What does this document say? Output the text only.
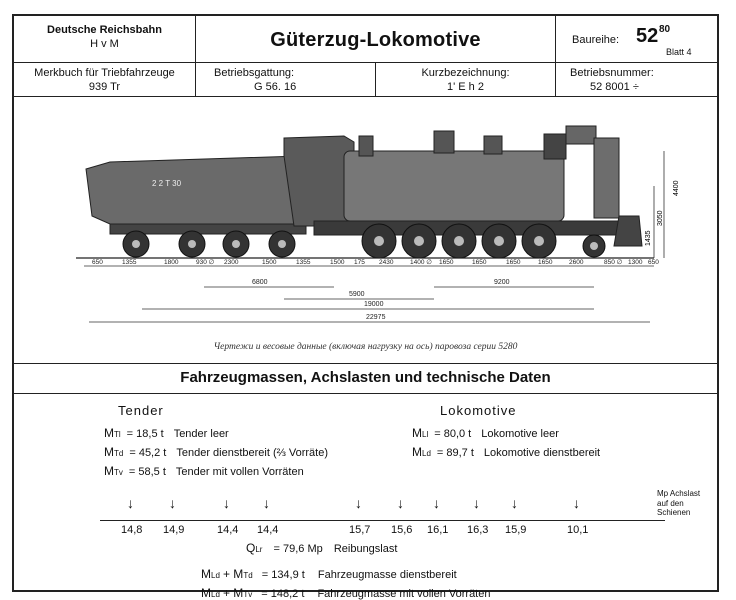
Deutsche Reichsbahn
H v M	Güterzug-Lokomotive	Baureihe: 52 80
Blatt 4
Merkbuch für Triebfahrzeuge
939 Tr
Betriebsgattung:
G 56. 16
Kurzbezeichnung:
1' E h 2
Betriebsnummer:
52 8001 ÷
2 2 T 30	4400
3050
1435
650	1355	1800	930 ∅ 2300	1500	1355	1500 175 2430	1400 ∅ 1650	1650	1650	1650	2600	850 ∅ 1300 650
6800
5900
9200
19000
22975
Чертежи и весовые данные (включая нагрузку на ось) паровоза серии 5280
Fahrzeugmassen, Achslasten und technische Daten
Tender	Lokomotive
MTl = 18,5 t Tender leer
MTd = 45,2 t Tender dienstbereit (⅔ Vorräte)
MTv = 58,5 t Tender mit vollen Vorräten
MLl = 80,0 t Lokomotive leer
MLd = 89,7 t Lokomotive dienstbereit
↓	↓	↓ ↓	↓	↓ ↓ ↓ ↓	↓
14,8 14,9	14,4 14,4	15,7 15,6 16,1 16,3 15,9	10,1
Mp Achslast
auf den
Schienen
QLr = 79,6 Mp Reibungslast
MLd + MTd = 134,9 t Fahrzeugmasse dienstbereit
MLd + MTv = 148,2 t Fahrzeugmasse mit vollen Vorräten
